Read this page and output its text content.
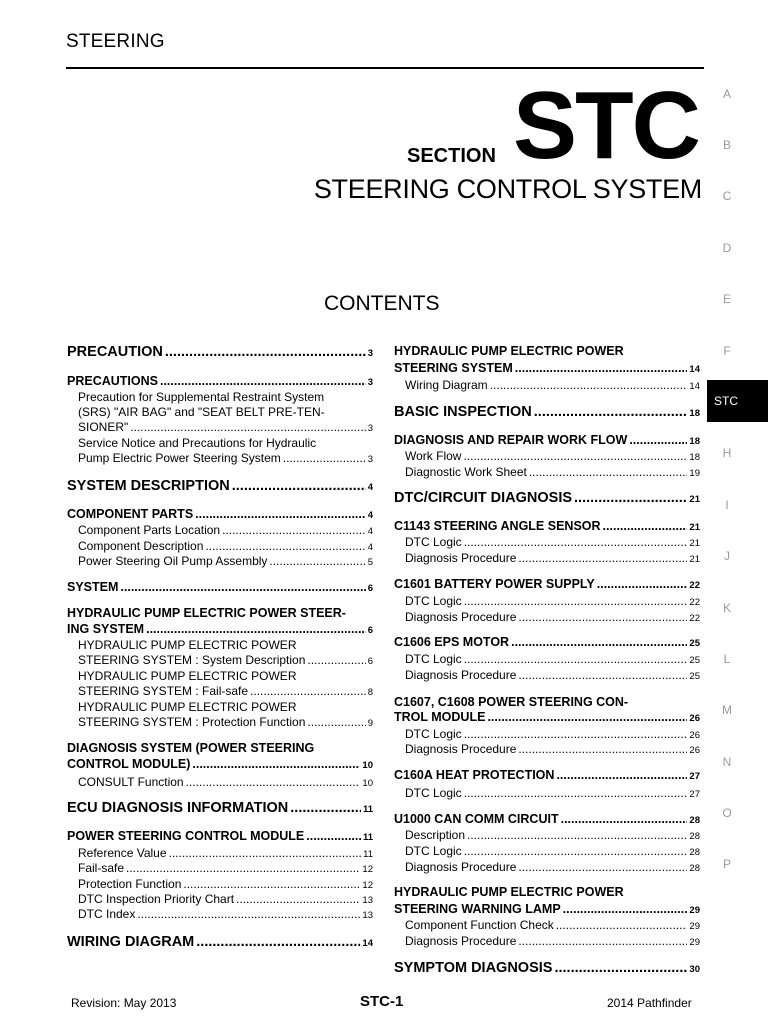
STEERING
SECTION STC
STEERING CONTROL SYSTEM
CONTENTS
A
B
C
D
E
F
STC
H
I
J
K
L
M
N
O
P
PRECAUTION .....	3
PRECAUTIONS .....	3
Precaution for Supplemental Restraint System
(SRS) "AIR BAG" and "SEAT BELT PRE-TEN-
SIONER" .....	3
Service Notice and Precautions for Hydraulic
Pump Electric Power Steering System .....	3
SYSTEM DESCRIPTION .....	4
COMPONENT PARTS .....	4
Component Parts Location .....	4
Component Description .....	4
Power Steering Oil Pump Assembly .....	5
SYSTEM .....	6
HYDRAULIC PUMP ELECTRIC POWER STEER-
ING SYSTEM .....	6
HYDRAULIC PUMP ELECTRIC POWER
STEERING SYSTEM : System Description .....	6
HYDRAULIC PUMP ELECTRIC POWER
STEERING SYSTEM : Fail-safe .....	8
HYDRAULIC PUMP ELECTRIC POWER
STEERING SYSTEM : Protection Function .....	9
DIAGNOSIS SYSTEM (POWER STEERING
CONTROL MODULE) .....	10
CONSULT Function .....	10
ECU DIAGNOSIS INFORMATION .....	11
POWER STEERING CONTROL MODULE .....	11
Reference Value .....	11
Fail-safe .....	12
Protection Function .....	12
DTC Inspection Priority Chart .....	13
DTC Index .....	13
WIRING DIAGRAM .....	14
HYDRAULIC PUMP ELECTRIC POWER
STEERING SYSTEM .....	14
Wiring Diagram .....	14
BASIC INSPECTION .....	18
DIAGNOSIS AND REPAIR WORK FLOW .....	18
Work Flow .....	18
Diagnostic Work Sheet .....	19
DTC/CIRCUIT DIAGNOSIS .....	21
C1143 STEERING ANGLE SENSOR .....	21
DTC Logic .....	21
Diagnosis Procedure .....	21
C1601 BATTERY POWER SUPPLY .....	22
DTC Logic .....	22
Diagnosis Procedure .....	22
C1606 EPS MOTOR .....	25
DTC Logic .....	25
Diagnosis Procedure .....	25
C1607, C1608 POWER STEERING CON-
TROL MODULE .....	26
DTC Logic .....	26
Diagnosis Procedure .....	26
C160A HEAT PROTECTION .....	27
DTC Logic .....	27
U1000 CAN COMM CIRCUIT .....	28
Description .....	28
DTC Logic .....	28
Diagnosis Procedure .....	28
HYDRAULIC PUMP ELECTRIC POWER
STEERING WARNING LAMP .....	29
Component Function Check .....	29
Diagnosis Procedure .....	29
SYMPTOM DIAGNOSIS .....	30
Revision: May 2013	STC-1	2014 Pathfinder
